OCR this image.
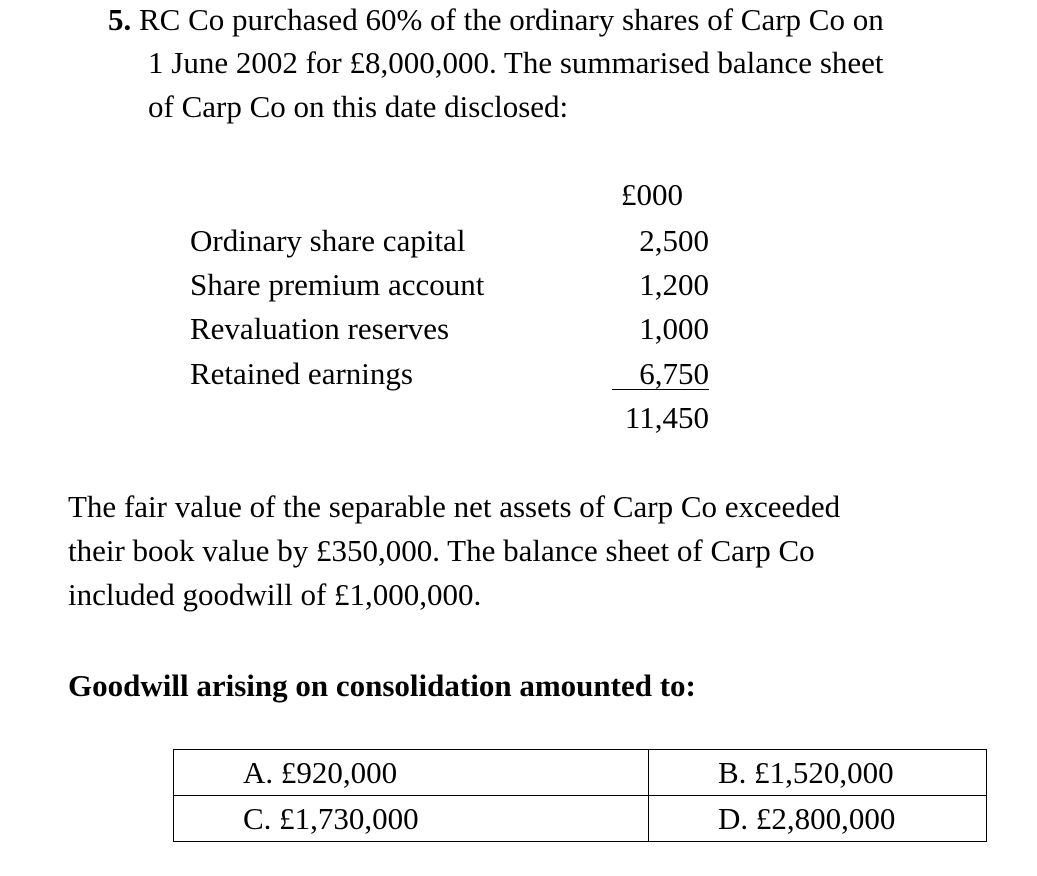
5. RC Co purchased 60% of the ordinary shares of Carp Co on
1 June 2002 for £8,000,000. The summarised balance sheet
of Carp Co on this date disclosed:
£000
Ordinary share capital	2,500
Share premium account	1,200
Revaluation reserves	1,000
Retained earnings	6,750
11,450
The fair value of the separable net assets of Carp Co exceeded
their book value by £350,000. The balance sheet of Carp Co
included goodwill of £1,000,000.
Goodwill arising on consolidation amounted to:
A. £920,000	B. £1,520,000
C. £1,730,000	D. £2,800,000
